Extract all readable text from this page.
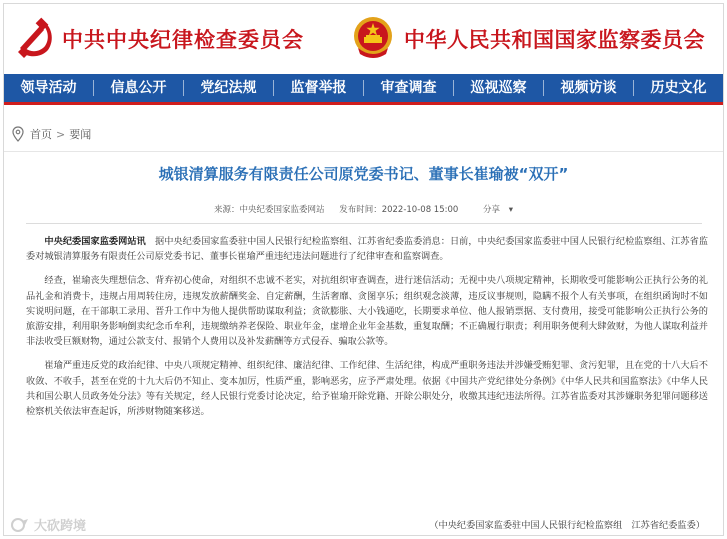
中共中央纪律检查委员会	中华人民共和国国家监察委员会
领导活动	信息公开	党纪法规	监督举报	审查调查	巡视巡察	视频访谈	历史文化
首页 > 要闻
城银清算服务有限责任公司原党委书记、董事长崔瑜被“双开”
来源：中央纪委国家监委网站 发布时间：2022-10-08 15:00	分享 ▾

中央纪委国家监委网站讯　据中央纪委国家监委驻中国人民银行纪检监察组、江苏省纪委监委消息：日前，中央纪委国家监委驻中国人民银行纪检监察组、江苏省监委对城银清算服务有限责任公司原党委书记、董事长崔瑜严重违纪违法问题进行了纪律审查和监察调查。

经查，崔瑜丧失理想信念、背弃初心使命，对组织不忠诚不老实，对抗组织审查调查，进行迷信活动；无视中央八项规定精神，长期收受可能影响公正执行公务的礼品礼金和消费卡，违规占用周转住房，违规发放薪酬奖金、自定薪酬，生活奢靡、贪图享乐；组织观念淡薄，违反议事规则，隐瞒不报个人有关事项，在组织函询时不如实说明问题，在干部职工录用、晋升工作中为他人提供帮助谋取利益；贪欲膨胀、大小钱通吃，长期要求单位、他人报销票据、支付费用，接受可能影响公正执行公务的旅游安排，利用职务影响倒卖纪念币牟利，违规缴纳养老保险、职业年金，虚增企业年金基数，重复取酬；不正确履行职责；利用职务便利大肆敛财，为他人谋取利益并非法收受巨额财物，通过公款支付、报销个人费用以及补发薪酬等方式侵吞、骗取公款等。

崔瑜严重违反党的政治纪律、中央八项规定精神、组织纪律、廉洁纪律、工作纪律、生活纪律，构成严重职务违法并涉嫌受贿犯罪、贪污犯罪，且在党的十八大后不收敛、不收手，甚至在党的十九大后仍不知止、变本加厉，性质严重，影响恶劣，应予严肃处理。依据《中国共产党纪律处分条例》《中华人民共和国监察法》《中华人民共和国公职人员政务处分法》等有关规定，经人民银行党委讨论决定，给予崔瑜开除党籍、开除公职处分，收缴其违纪违法所得。江苏省监委对其涉嫌职务犯罪问题移送检察机关依法审查起诉，所涉财物随案移送。

（中央纪委国家监委驻中国人民银行纪检监察组　江苏省纪委监委）
大砍跨境
